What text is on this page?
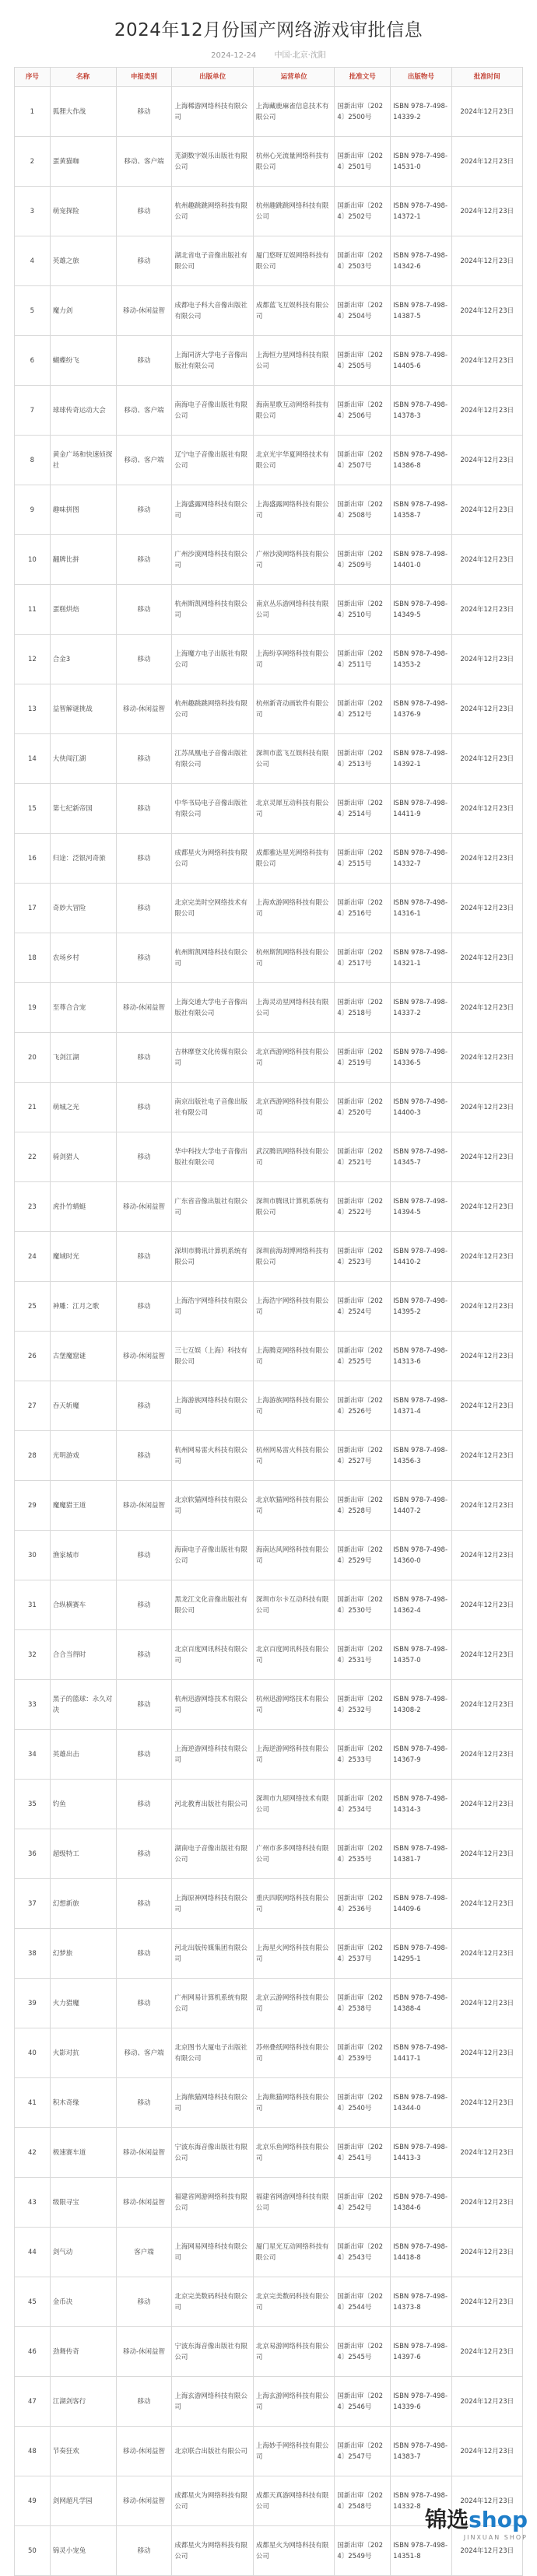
2024年12月份国产网络游戏审批信息
2024-12-24 中国·北京·沈阳
序号	名称	申报类别	出版单位	运营单位	批准文号	出版物号	批准时间
1	狐狸大作战	移动	上海稀游网络科技有限公司	上海藏鹿麻雀信息技术有限公司	国新出审〔2024〕2500号	ISBN 978-7-498-14339-2	2024年12月23日
2	蛋黄猫咖	移动、客户端	芜湖数字娱乐出版社有限公司	杭州心光流量网络科技有限公司	国新出审〔2024〕2501号	ISBN 978-7-498-14531-0	2024年12月23日
3	萌宠探险	移动	杭州趣跳跳网络科技有限公司	杭州趣跳跳网络科技有限公司	国新出审〔2024〕2502号	ISBN 978-7-498-14372-1	2024年12月23日
4	英雄之旅	移动	湖北省电子音像出版社有限公司	厦门悠呀互娱网络科技有限公司	国新出审〔2024〕2503号	ISBN 978-7-498-14342-6	2024年12月23日
5	魔力剑	移动-休闲益智	成都电子科大音像出版社有限公司	成都蓝飞互娱科技有限公司	国新出审〔2024〕2504号	ISBN 978-7-498-14387-5	2024年12月23日
6	蝴蝶纷飞	移动	上海同济大学电子音像出版社有限公司	上海恒力星网络科技有限公司	国新出审〔2024〕2505号	ISBN 978-7-498-14405-6	2024年12月23日
7	球球传奇运动大会	移动、客户端	南海电子音像出版社有限公司	海南星歌互动网络科技有限公司	国新出审〔2024〕2506号	ISBN 978-7-498-14378-3	2024年12月23日
8	黄金广场和快速侦探社	移动、客户端	辽宁电子音像出版社有限公司	北京光宇华夏网络技术有限公司	国新出审〔2024〕2507号	ISBN 978-7-498-14386-8	2024年12月23日
9	趣味拼图	移动	上海盛露网络科技有限公司	上海盛露网络科技有限公司	国新出审〔2024〕2508号	ISBN 978-7-498-14358-7	2024年12月23日
10	翻牌比拼	移动	广州沙漠网络科技有限公司	广州沙漠网络科技有限公司	国新出审〔2024〕2509号	ISBN 978-7-498-14401-0	2024年12月23日
11	蛋糕烘焙	移动	杭州斯凯网络科技有限公司	南京丛乐游网络科技有限公司	国新出审〔2024〕2510号	ISBN 978-7-498-14349-5	2024年12月23日
12	合金3	移动	上海魔方电子出版社有限公司	上海纷享网络科技有限公司	国新出审〔2024〕2511号	ISBN 978-7-498-14353-2	2024年12月23日
13	益智解谜挑战	移动-休闲益智	杭州趣跳跳网络科技有限公司	杭州新奇动画软件有限公司	国新出审〔2024〕2512号	ISBN 978-7-498-14376-9	2024年12月23日
14	大侠闯江湖	移动	江苏凤凰电子音像出版社有限公司	深圳市蓝飞互娱科技有限公司	国新出审〔2024〕2513号	ISBN 978-7-498-14392-1	2024年12月23日
15	第七纪新帝国	移动	中华书局电子音像出版社有限公司	北京灵犀互动科技有限公司	国新出审〔2024〕2514号	ISBN 978-7-498-14411-9	2024年12月23日
16	归途：泛银河奇旅	移动	成都星火为网络科技有限公司	成都雅达星光网络科技有限公司	国新出审〔2024〕2515号	ISBN 978-7-498-14332-7	2024年12月23日
17	奇妙大冒险	移动	北京完美时空网络技术有限公司	上海欢游网络科技有限公司	国新出审〔2024〕2516号	ISBN 978-7-498-14316-1	2024年12月23日
18	农场乡村	移动	杭州斯凯网络科技有限公司	杭州斯凯网络科技有限公司	国新出审〔2024〕2517号	ISBN 978-7-498-14321-1	2024年12月23日
19	至尊合合宠	移动-休闲益智	上海交通大学电子音像出版社有限公司	上海灵动星网络科技有限公司	国新出审〔2024〕2518号	ISBN 978-7-498-14337-2	2024年12月23日
20	飞剑江湖	移动	吉林摩登文化传媒有限公司	北京西游网络科技有限公司	国新出审〔2024〕2519号	ISBN 978-7-498-14336-5	2024年12月23日
21	萌城之光	移动	南京出版社电子音像出版社有限公司	北京西游网络科技有限公司	国新出审〔2024〕2520号	ISBN 978-7-498-14400-3	2024年12月23日
22	骑剑猎人	移动	华中科技大学电子音像出版社有限公司	武汉腾讯网络科技有限公司	国新出审〔2024〕2521号	ISBN 978-7-498-14345-7	2024年12月23日
23	虎扑竹蜻蜓	移动-休闲益智	广东省音像出版社有限公司	深圳市腾讯计算机系统有限公司	国新出审〔2024〕2522号	ISBN 978-7-498-14394-5	2024年12月23日
24	魔域时光	移动	深圳市腾讯计算机系统有限公司	深圳前海胡博网络科技有限公司	国新出审〔2024〕2523号	ISBN 978-7-498-14410-2	2024年12月23日
25	神雕：江月之歌	移动	上海浩宇网络科技有限公司	上海浩宇网络科技有限公司	国新出审〔2024〕2524号	ISBN 978-7-498-14395-2	2024年12月23日
26	古堡魔窟谜	移动-休闲益智	三七互娱（上海）科技有限公司	上海腾竞网络科技有限公司	国新出审〔2024〕2525号	ISBN 978-7-498-14313-6	2024年12月23日
27	吞天斩魔	移动	上海游族网络科技有限公司	上海游族网络科技有限公司	国新出审〔2024〕2526号	ISBN 978-7-498-14371-4	2024年12月23日
28	光明游戏	移动	杭州网易雷火科技有限公司	杭州网易雷火科技有限公司	国新出审〔2024〕2527号	ISBN 978-7-498-14356-3	2024年12月23日
29	魔魔猎王道	移动-休闲益智	北京软猫网络科技有限公司	北京软猫网络科技有限公司	国新出审〔2024〕2528号	ISBN 978-7-498-14407-2	2024年12月23日
30	渔家城市	移动	海南电子音像出版社有限公司	海南达风网络科技有限公司	国新出审〔2024〕2529号	ISBN 978-7-498-14360-0	2024年12月23日
31	合纵横赛车	移动	黑龙江文化音像出版社有限公司	深圳市尔卡互动科技有限公司	国新出审〔2024〕2530号	ISBN 978-7-498-14362-4	2024年12月23日
32	合合当得时	移动	北京百度网讯科技有限公司	北京百度网讯科技有限公司	国新出审〔2024〕2531号	ISBN 978-7-498-14357-0	2024年12月23日
33	黑子的篮球：永久对决	移动	杭州迅游网络技术有限公司	杭州迅游网络技术有限公司	国新出审〔2024〕2532号	ISBN 978-7-498-14308-2	2024年12月23日
34	英雄出击	移动	上海逆游网络科技有限公司	上海逆游网络科技有限公司	国新出审〔2024〕2533号	ISBN 978-7-498-14367-9	2024年12月23日
35	钓鱼	移动	河北教育出版社有限公司	深圳市九屋网络技术有限公司	国新出审〔2024〕2534号	ISBN 978-7-498-14314-3	2024年12月23日
36	超级特工	移动	湖南电子音像出版社有限公司	广州市多多网络科技有限公司	国新出审〔2024〕2535号	ISBN 978-7-498-14381-7	2024年12月23日
37	幻想新旅	移动	上海原神网络科技有限公司	重庆四联网络科技有限公司	国新出审〔2024〕2536号	ISBN 978-7-498-14409-6	2024年12月23日
38	幻梦旅	移动	河北出版传媒集团有限公司	上海星火网络科技有限公司	国新出审〔2024〕2537号	ISBN 978-7-498-14295-1	2024年12月23日
39	火力猎魔	移动	广州网易计算机系统有限公司	北京云游网络科技有限公司	国新出审〔2024〕2538号	ISBN 978-7-498-14388-4	2024年12月23日
40	火影对抗	移动、客户端	北京图书大厦电子出版社有限公司	苏州叠纸网络科技有限公司	国新出审〔2024〕2539号	ISBN 978-7-498-14417-1	2024年12月23日
41	积木奇缘	移动	上海熊猫网络科技有限公司	上海熊猫网络科技有限公司	国新出审〔2024〕2540号	ISBN 978-7-498-14344-0	2024年12月23日
42	极速赛车道	移动-休闲益智	宁波东海音像出版社有限公司	北京乐鱼网络科技有限公司	国新出审〔2024〕2541号	ISBN 978-7-498-14413-3	2024年12月23日
43	级限寻宝	移动-休闲益智	福建省网游网络科技有限公司	福建省网游网络科技有限公司	国新出审〔2024〕2542号	ISBN 978-7-498-14384-6	2024年12月23日
44	剑气动	客户端	上海网易网络科技有限公司	厦门星光互动网络科技有限公司	国新出审〔2024〕2543号	ISBN 978-7-498-14418-8	2024年12月23日
45	金币决	移动	北京完美数码科技有限公司	北京完美数码科技有限公司	国新出审〔2024〕2544号	ISBN 978-7-498-14373-8	2024年12月23日
46	劲舞传奇	移动-休闲益智	宁波东海音像出版社有限公司	北京易游网络科技有限公司	国新出审〔2024〕2545号	ISBN 978-7-498-14397-6	2024年12月23日
47	江湖剑客行	移动	上海玄游网络科技有限公司	上海玄游网络科技有限公司	国新出审〔2024〕2546号	ISBN 978-7-498-14339-6	2024年12月23日
48	节奏狂欢	移动-休闲益智	北京联合出版社有限公司	上海妙手网络科技有限公司	国新出审〔2024〕2547号	ISBN 978-7-498-14383-7	2024年12月23日
49	剑网超凡学园	移动-休闲益智	成都星火为网络科技有限公司	成都天真游网络科技有限公司	国新出审〔2024〕2548号	ISBN 978-7-498-14332-8	2024年12月23日
50	锦灵小宠兔	移动	成都星火为网络科技有限公司	成都星火为网络科技有限公司	国新出审〔2024〕2549号	ISBN 978-7-498-14351-8	2024年12月23日
锦选shop
JINXUAN SHOP
